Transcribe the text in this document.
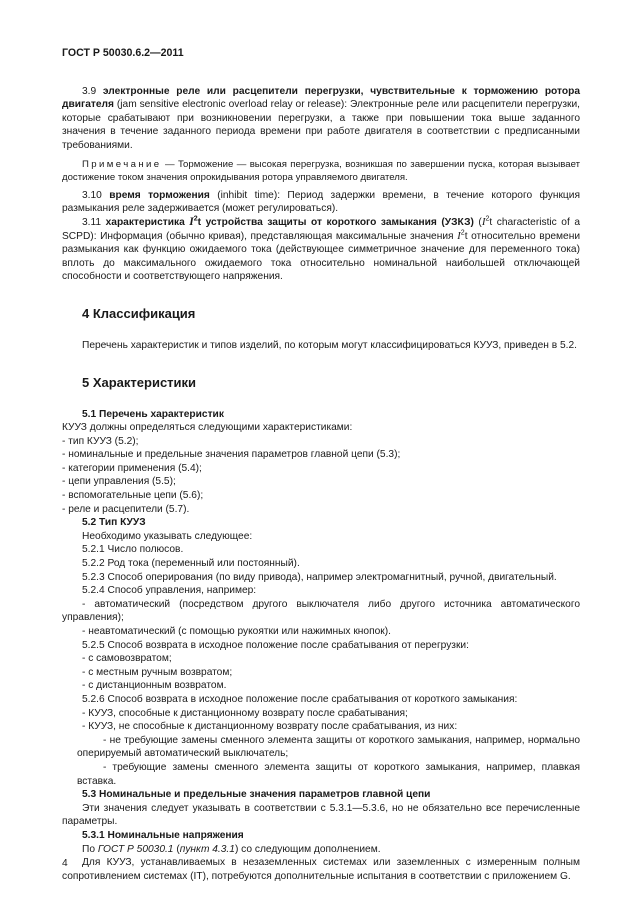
ГОСТ Р 50030.6.2—2011

3.9 электронные реле или расцепители перегрузки, чувствительные к торможению ротора двигателя (jam sensitive electronic overload relay or release): Электронные реле или расцепители перегрузки, которые срабатывают при возникновении перегрузки, а также при повышении тока выше заданного значения в течение заданного периода времени при работе двигателя в соответствии с предписанными требованиями.

Примечание — Торможение — высокая перегрузка, возникшая по завершении пуска, которая вызывает достижение током значения опрокидывания ротора управляемого двигателя.

3.10 время торможения (inhibit time): Период задержки времени, в течение которого функция размыкания реле задерживается (может регулироваться).

3.11 характеристика $I^2t$ устройства защиты от короткого замыкания (УЗКЗ) ($I^2t$ characteristic of a SCPD): Информация (обычно кривая), представляющая максимальные значения $I^2t$ относительно времени размыкания как функцию ожидаемого тока (действующее симметричное значение для переменного тока) вплоть до максимального ожидаемого тока относительно номинальной наибольшей отключающей способности и соответствующего напряжения.

4 Классификация

Перечень характеристик и типов изделий, по которым могут классифицироваться КУУЗ, приведен в 5.2.

5 Характеристики

5.1 Перечень характеристик

КУУЗ должны определяться следующими характеристиками:

- тип КУУЗ (5.2);

- номинальные и предельные значения параметров главной цепи (5.3);

- категории применения (5.4);

- цепи управления (5.5);

- вспомогательные цепи (5.6);

- реле и расцепители (5.7).

5.2 Тип КУУЗ

Необходимо указывать следующее:

5.2.1 Число полюсов.

5.2.2 Род тока (переменный или постоянный).

5.2.3 Способ оперирования (по виду привода), например электромагнитный, ручной, двигательный.

5.2.4 Способ управления, например:

- автоматический (посредством другого выключателя либо другого источника автоматического управления);

- неавтоматический (с помощью рукоятки или нажимных кнопок).

5.2.5 Способ возврата в исходное положение после срабатывания от перегрузки:

- с самовозвратом;

- с местным ручным возвратом;

- с дистанционным возвратом.

5.2.6 Способ возврата в исходное положение после срабатывания от короткого замыкания:

- КУУЗ, способные к дистанционному возврату после срабатывания;

- КУУЗ, не способные к дистанционному возврату после срабатывания, из них:

- не требующие замены сменного элемента защиты от короткого замыкания, например, нормально оперируемый автоматический выключатель;

- требующие замены сменного элемента защиты от короткого замыкания, например, плавкая вставка.

5.3 Номинальные и предельные значения параметров главной цепи

Эти значения следует указывать в соответствии с 5.3.1—5.3.6, но не обязательно все перечисленные параметры.

5.3.1 Номинальные напряжения

По ГОСТ Р 50030.1 (пункт 4.3.1) со следующим дополнением.

Для КУУЗ, устанавливаемых в незаземленных системах или заземленных с измеренным полным сопротивлением системах (IT), потребуются дополнительные испытания в соответствии с приложением G.

4
